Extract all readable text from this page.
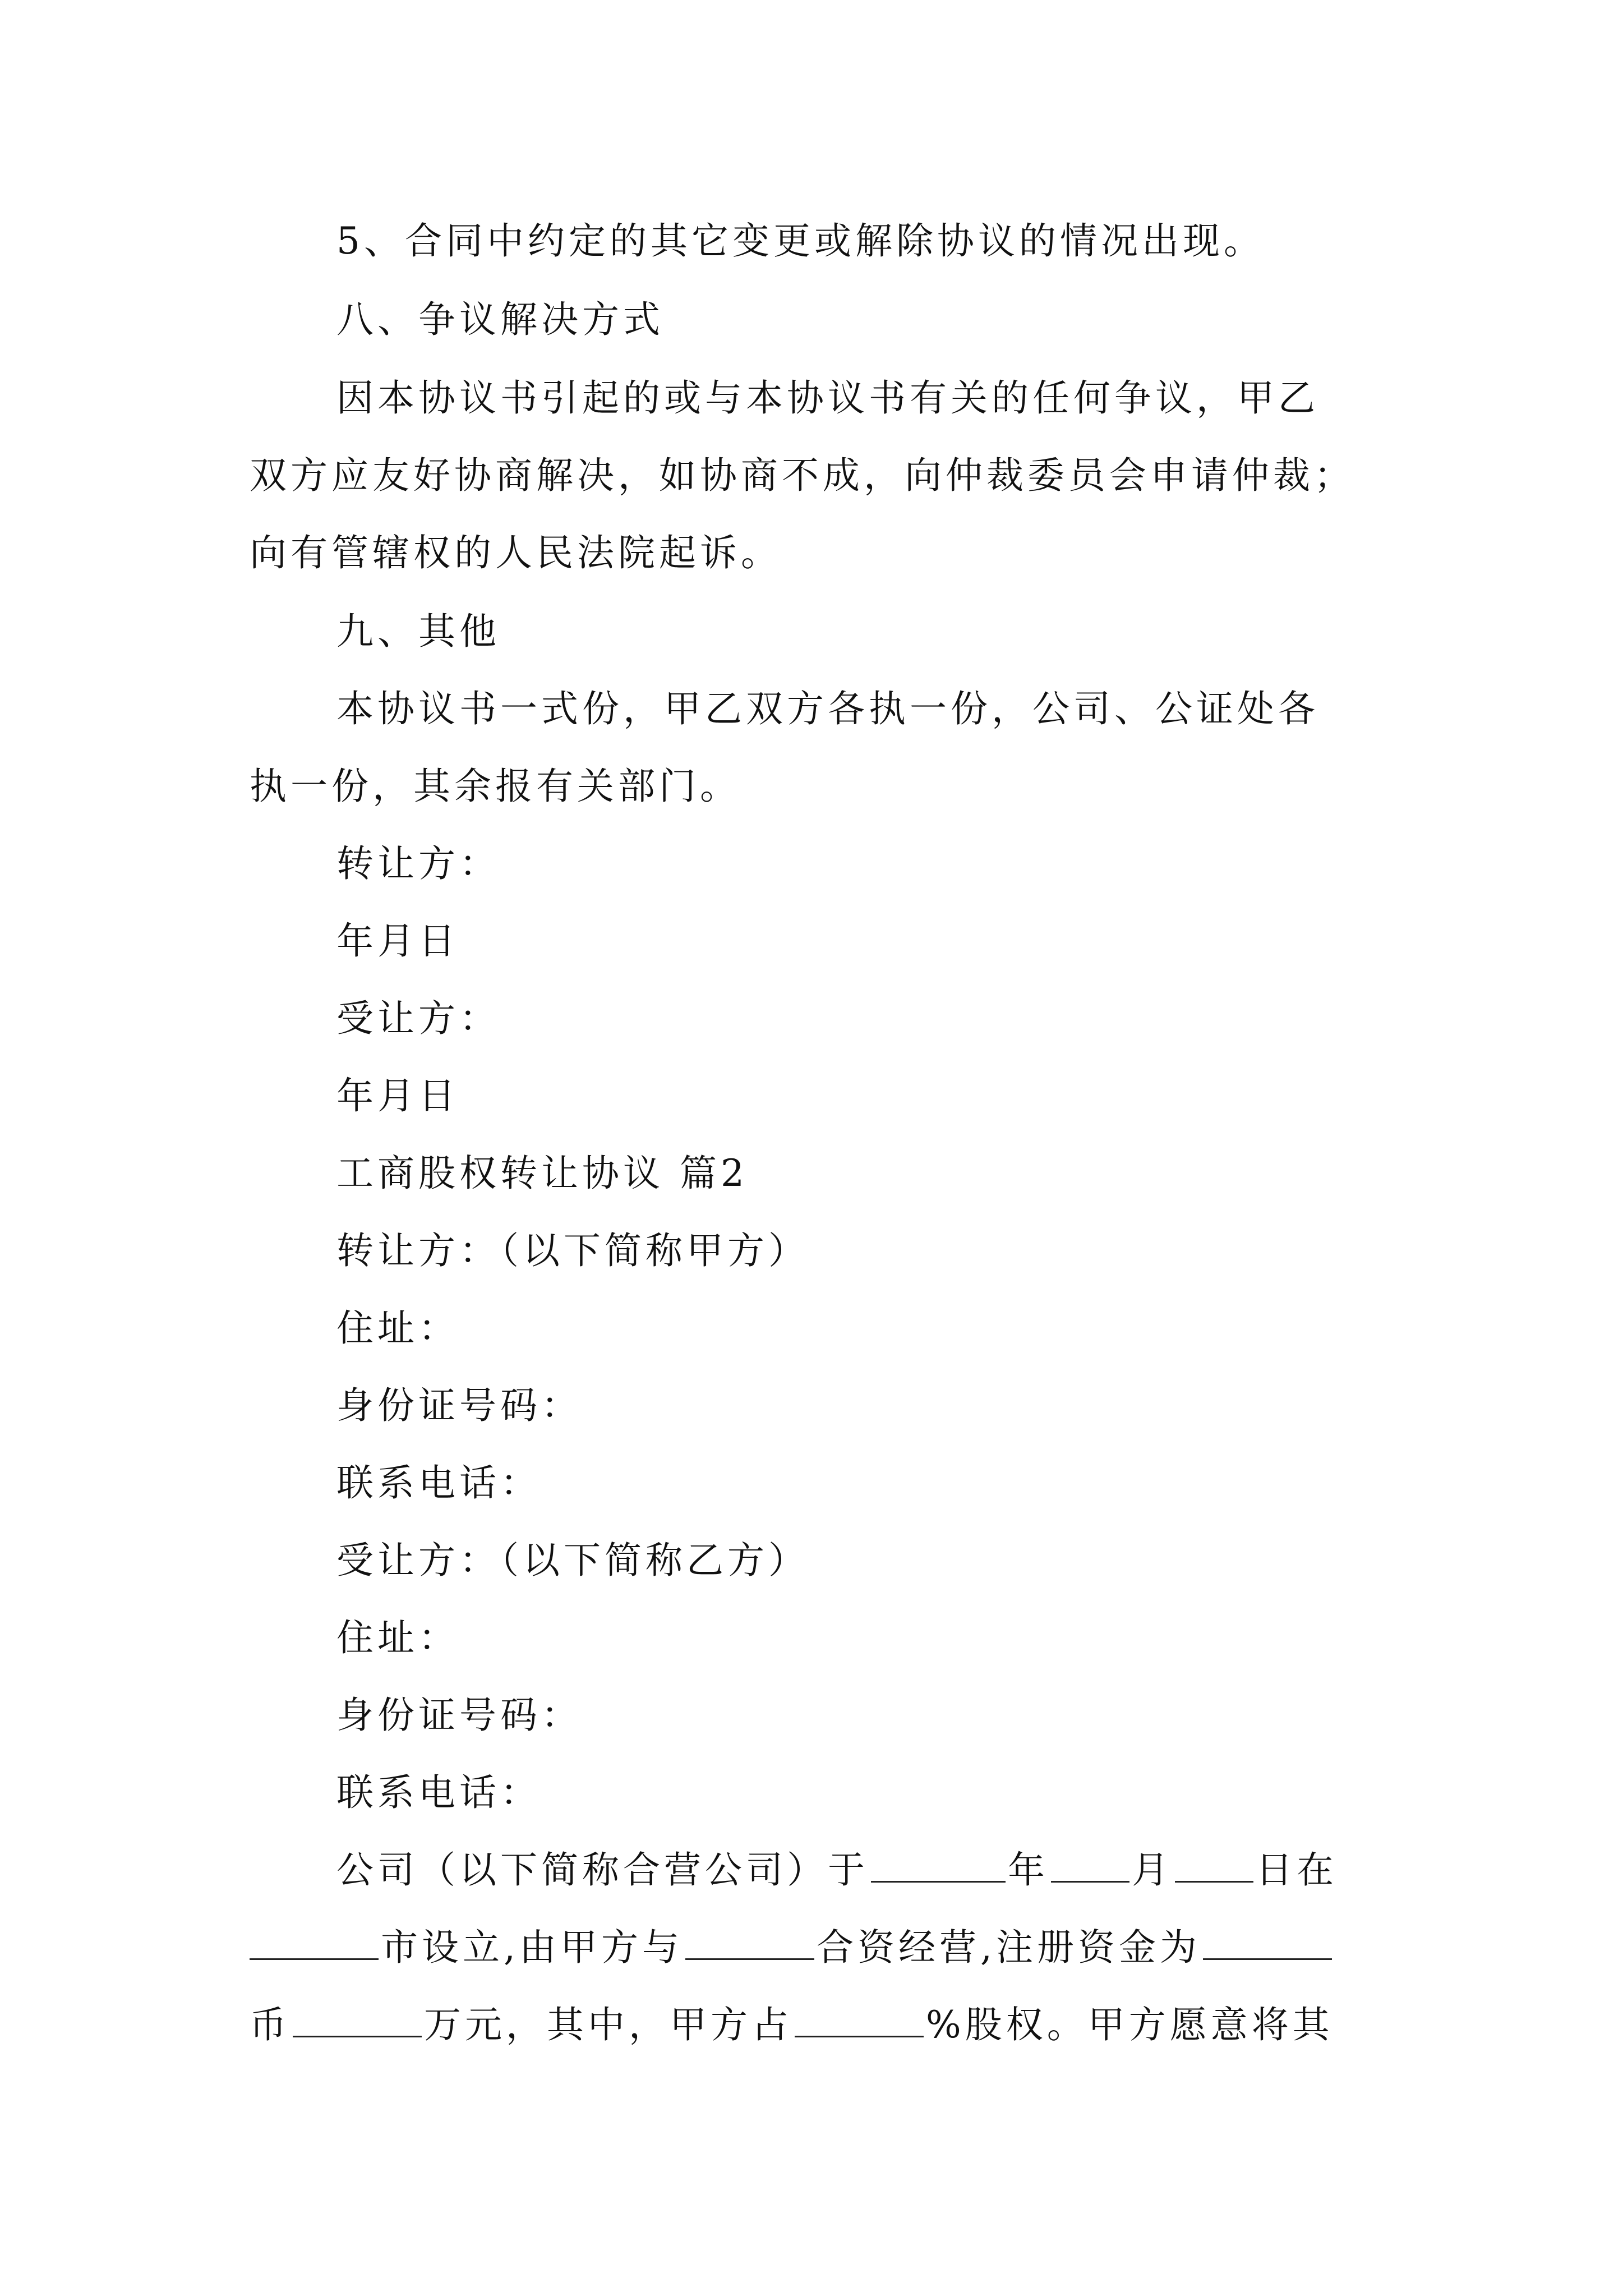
5、合同中约定的其它变更或解除协议的情况出现。
八、争议解决方式
因本协议书引起的或与本协议书有关的任何争议，甲乙
双方应友好协商解决，如协商不成，向仲裁委员会申请仲裁；
向有管辖权的人民法院起诉。
九、其他
本协议书一式份，甲乙双方各执一份，公司、公证处各
执一份，其余报有关部门。
转让方：
年月日
受让方：
年月日
工商股权转让协议 篇2
转让方：（以下简称甲方）
住址：
身份证号码：
联系电话：
受让方：（以下简称乙方）
住址：
身份证号码：
联系电话：
公司（以下简称合营公司）于	年 月 日在
市设立,由甲方与	合资经营,注册资金为
币	万元，其中，甲方占	%股权。甲方愿意将其
